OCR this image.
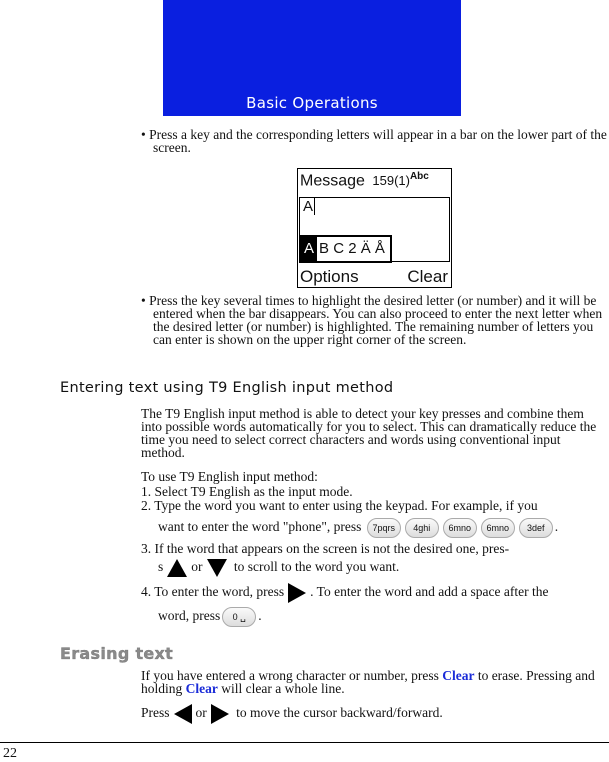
Basic Operations
• Press a key and the corresponding letters will appear in a bar on the lower part of the screen.
Message $159(1)^{Abc}$
A
A B C 2 Ä Å
Options	Clear
• Press the key several times to highlight the desired letter (or number) and it will be entered when the bar disappears. You can also proceed to enter the next letter when the desired letter (or number) is highlighted. The remaining number of letters you can enter is shown on the upper right corner of the screen.
Entering text using T9 English input method
The T9 English input method is able to detect your key presses and combine them into possible words automatically for you to select. This can dramatically reduce the time you need to select correct characters and words using conventional input method.
To use T9 English input method:
1. Select T9 English as the input mode.
2. Type the word you want to enter using the keypad. For example, if you
want to enter the word "phone", press 7pqrs 4ghi 6mno 6mno 3def .
3. If the word that appears on the screen is not the desired one, pres-
s or to scroll to the word you want.
4. To enter the word, press . To enter the word and add a space after the
word, press 0 ␣ .
Erasing text
If you have entered a wrong character or number, press Clear to erase. Pressing and holding Clear will clear a whole line.
Press or to move the cursor backward/forward.
22
